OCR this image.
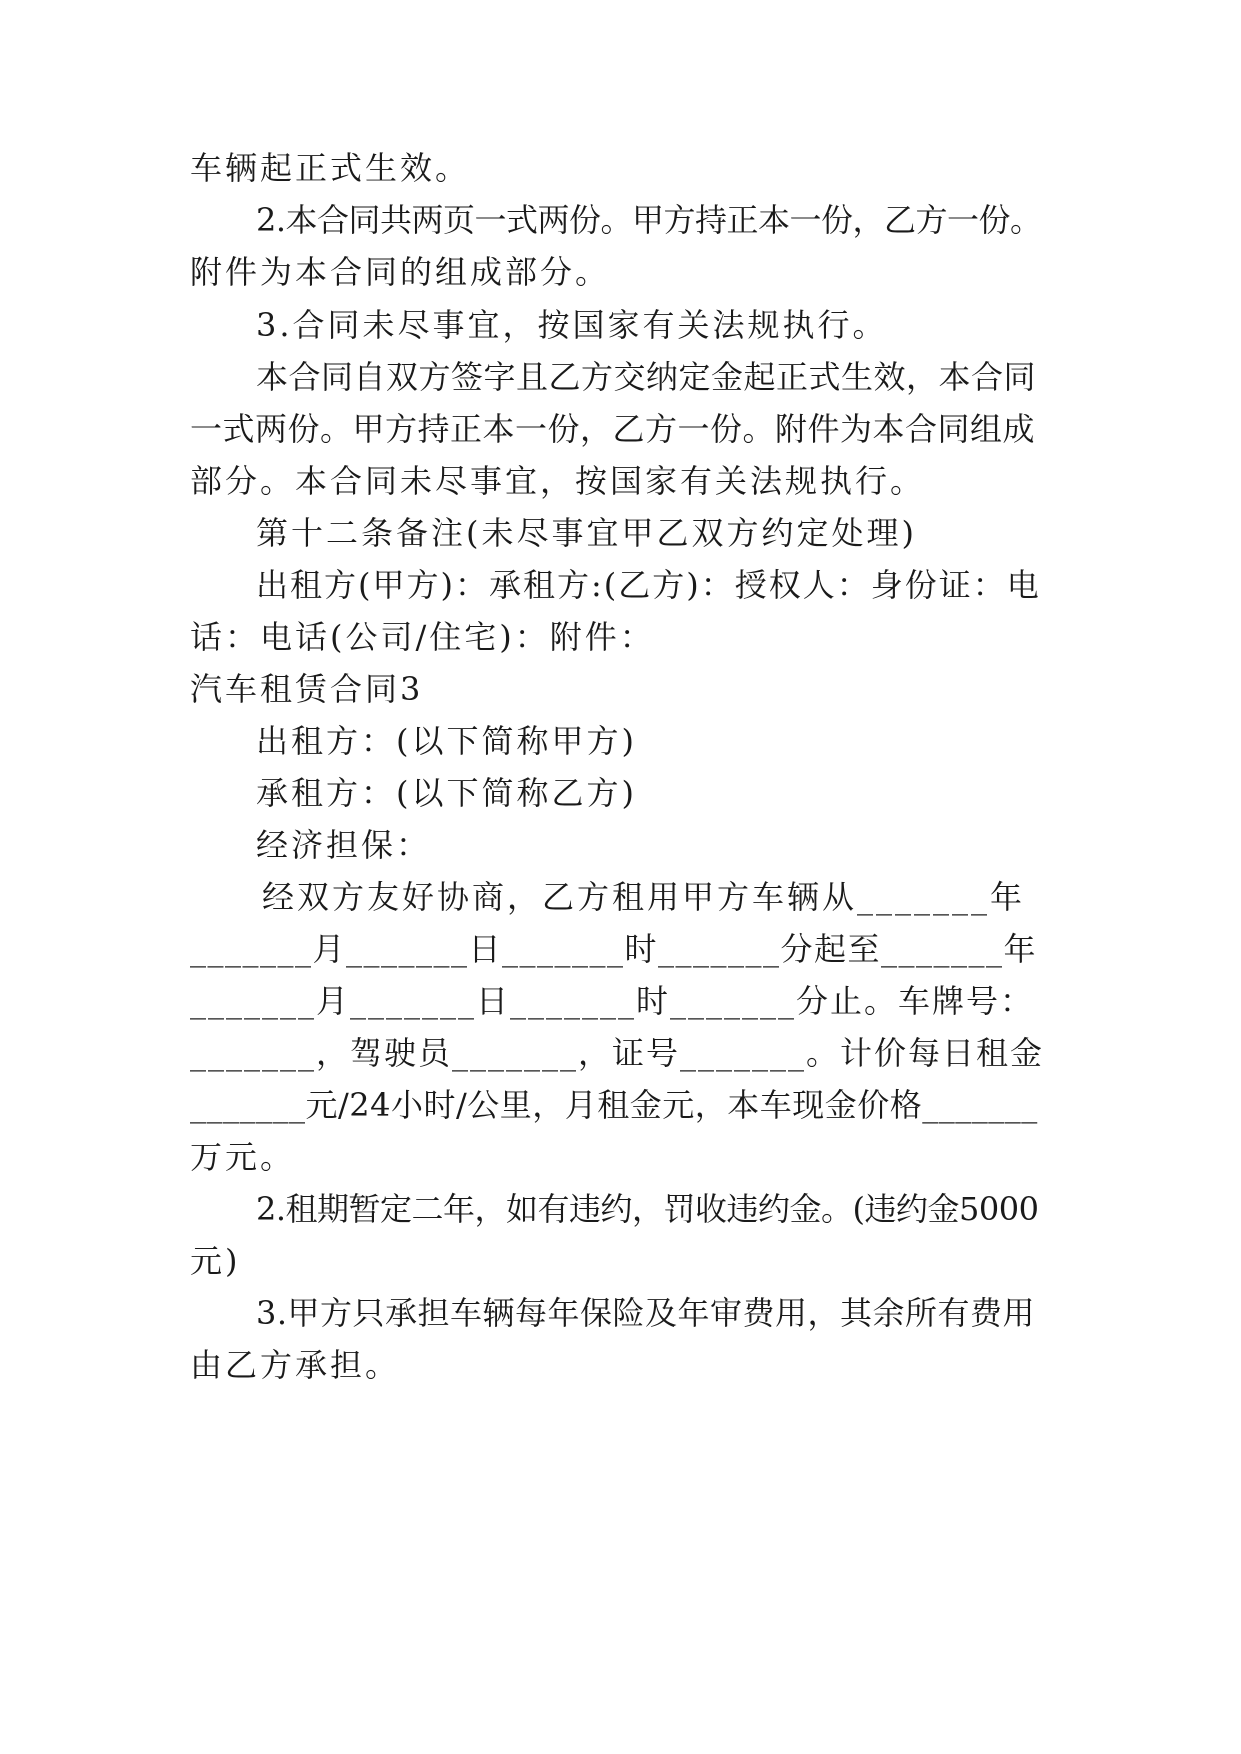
车辆起正式生效。
2.本合同共两页一式两份。甲方持正本一份，乙方一份。
附件为本合同的组成部分。
3.合同未尽事宜，按国家有关法规执行。
本合同自双方签字且乙方交纳定金起正式生效，本合同
一式两份。甲方持正本一份，乙方一份。附件为本合同组成
部分。本合同未尽事宜，按国家有关法规执行。
第十二条备注(未尽事宜甲乙双方约定处理)
出租方(甲方)：承租方:(乙方)：授权人：身份证：电
话：电话(公司/住宅)：附件：
汽车租赁合同3
出租方：(以下简称甲方)
承租方：(以下简称乙方)
经济担保：
经双方友好协商，乙方租用甲方车辆从_______年
_______月_______日_______时_______分起至_______年
_______月_______日_______时_______分止。车牌号：
_______，驾驶员_______，证号_______。计价每日租金
_______元/24小时/公里，月租金元，本车现金价格_______
万元。
2.租期暂定二年，如有违约，罚收违约金。(违约金5000
元)
3.甲方只承担车辆每年保险及年审费用，其余所有费用
由乙方承担。
